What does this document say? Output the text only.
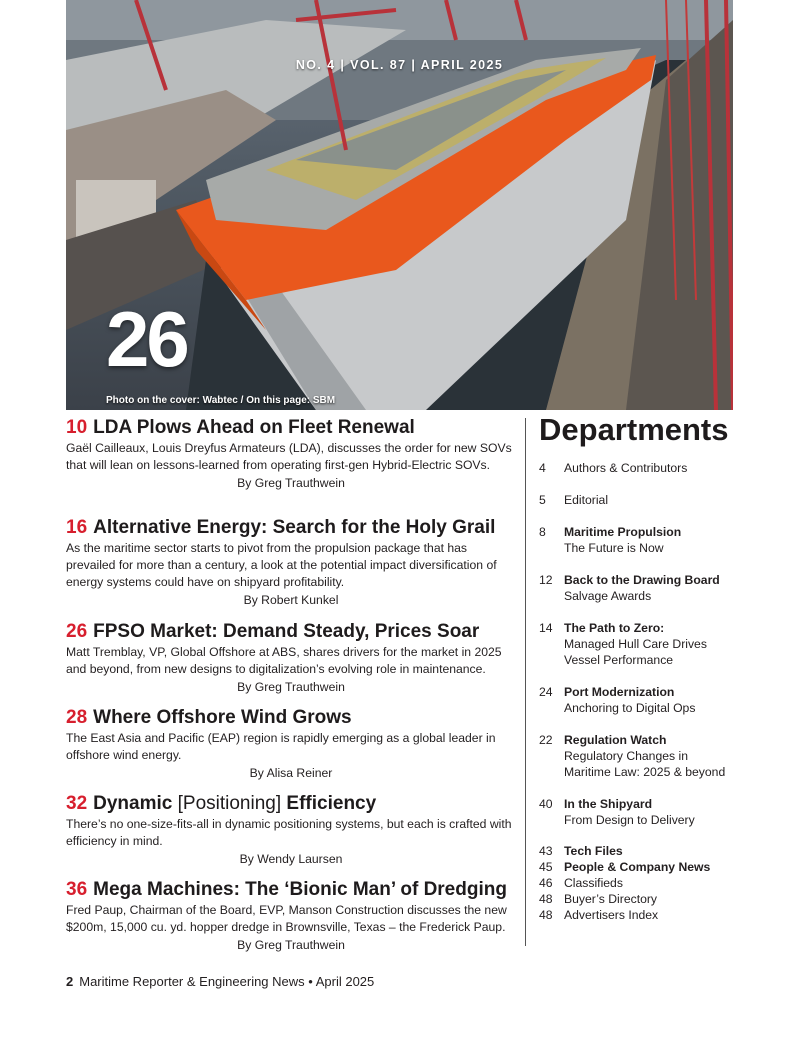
NO. 4 | VOL. 87 | APRIL 2025
26
Photo on the cover: Wabtec / On this page: SBM
10 LDA Plows Ahead on Fleet Renewal

Gaël Cailleaux, Louis Dreyfus Armateurs (LDA), discusses the order for new SOVs that will lean on lessons-learned from operating first-gen Hybrid-Electric SOVs.

By Greg Trauthwein
16 Alternative Energy: Search for the Holy Grail

As the maritime sector starts to pivot from the propulsion package that has prevailed for more than a century, a look at the potential impact diversification of energy systems could have on shipyard profitability.

By Robert Kunkel
26 FPSO Market: Demand Steady, Prices Soar

Matt Tremblay, VP, Global Offshore at ABS, shares drivers for the market in 2025 and beyond, from new designs to digitalization’s evolving role in maintenance.

By Greg Trauthwein
28 Where Offshore Wind Grows

The East Asia and Pacific (EAP) region is rapidly emerging as a global leader in offshore wind energy.

By Alisa Reiner
32 Dynamic [Positioning] Efficiency

There’s no one-size-fits-all in dynamic positioning systems, but each is crafted with efficiency in mind.

By Wendy Laursen
36 Mega Machines: The ‘Bionic Man’ of Dredging

Fred Paup, Chairman of the Board, EVP, Manson Construction discusses the new $200m, 15,000 cu. yd. hopper dredge in Brownsville, Texas – the Frederick Paup.

By Greg Trauthwein
Departments
4	Authors & Contributors
5	Editorial
8	Maritime Propulsion
The Future is Now
12 Back to the Drawing Board
Salvage Awards
14 The Path to Zero:
Managed Hull Care Drives Vessel Performance
24 Port Modernization
Anchoring to Digital Ops
22 Regulation Watch
Regulatory Changes in Maritime Law: 2025 & beyond
40 In the Shipyard
From Design to Delivery
43 Tech Files
45 People & Company News
46 Classifieds
48 Buyer’s Directory
48 Advertisers Index
2 Maritime Reporter & Engineering News • April 2025
